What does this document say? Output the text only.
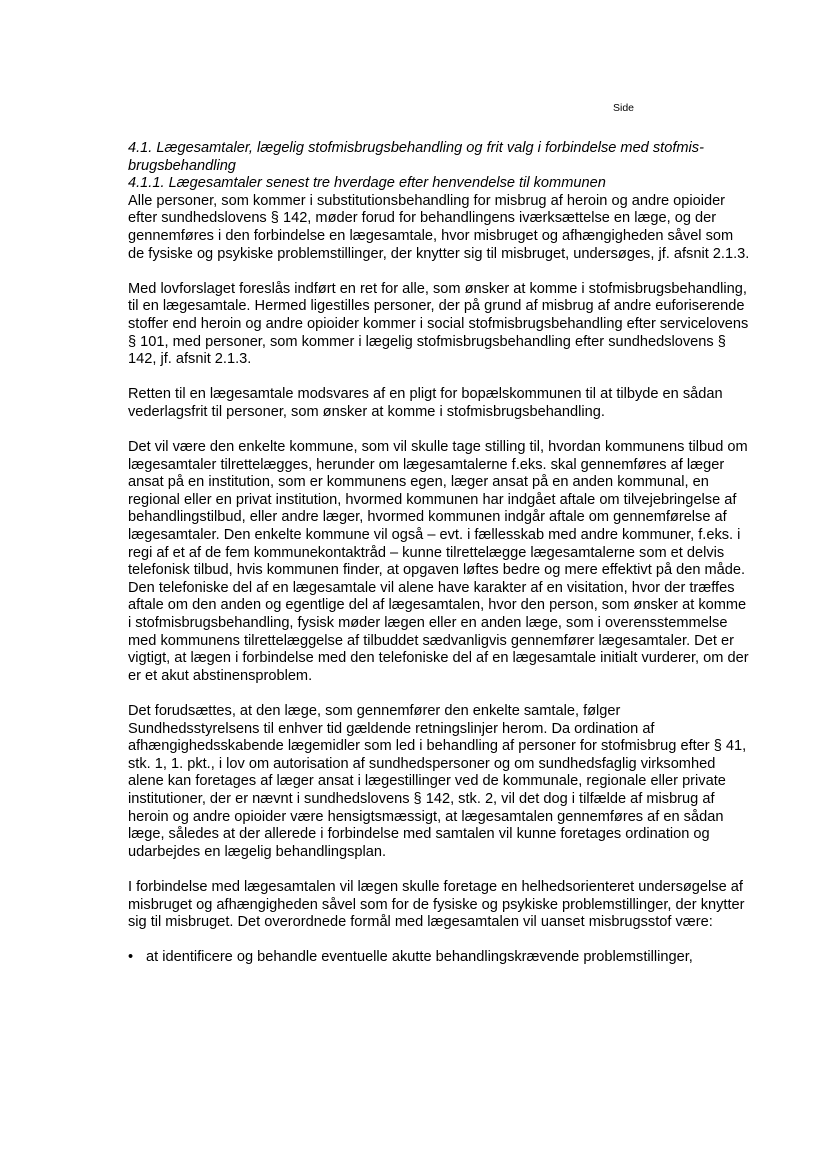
Side
4.1. Lægesamtaler, lægelig stofmisbrugsbehandling og frit valg i forbindelse med stofmis-
brugsbehandling
4.1.1. Lægesamtaler senest tre hverdage efter henvendelse til kommunen

Alle personer, som kommer i substitutionsbehandling for misbrug af heroin og andre opioider efter sundhedslovens § 142, møder forud for behandlingens iværksættelse en læge, og der gennemføres i den forbindelse en lægesamtale, hvor misbruget og afhængigheden såvel som de fysiske og psykiske problemstillinger, der knytter sig til misbruget, undersøges, jf. afsnit 2.1.3.

Med lovforslaget foreslås indført en ret for alle, som ønsker at komme i stofmisbrugsbehandling, til en lægesamtale. Hermed ligestilles personer, der på grund af misbrug af andre euforiserende stoffer end heroin og andre opioider kommer i social stofmisbrugsbehandling efter servicelovens § 101, med personer, som kommer i lægelig stofmisbrugsbehandling efter sundhedslovens § 142, jf. afsnit 2.1.3.

Retten til en lægesamtale modsvares af en pligt for bopælskommunen til at tilbyde en sådan vederlagsfrit til personer, som ønsker at komme i stofmisbrugsbehandling.

Det vil være den enkelte kommune, som vil skulle tage stilling til, hvordan kommunens tilbud om lægesamtaler tilrettelægges, herunder om lægesamtalerne f.eks. skal gennemføres af læger ansat på en institution, som er kommunens egen, læger ansat på en anden kommunal, en regional eller en privat institution, hvormed kommunen har indgået aftale om tilvejebringelse af behandlingstilbud, eller andre læger, hvormed kommunen indgår aftale om gennemførelse af lægesamtaler. Den enkelte kommune vil også – evt. i fællesskab med andre kommuner, f.eks. i regi af et af de fem kommunekontaktråd – kunne tilrettelægge lægesamtalerne som et delvis telefonisk tilbud, hvis kommunen finder, at opgaven løftes bedre og mere effektivt på den måde. Den telefoniske del af en lægesamtale vil alene have karakter af en visitation, hvor der træffes aftale om den anden og egentlige del af lægesamtalen, hvor den person, som ønsker at komme i stofmisbrugsbehandling, fysisk møder lægen eller en anden læge, som i overensstemmelse med kommunens tilrettelæggelse af tilbuddet sædvanligvis gennemfører lægesamtaler. Det er vigtigt, at lægen i forbindelse med den telefoniske del af en lægesamtale initialt vurderer, om der er et akut abstinensproblem.

Det forudsættes, at den læge, som gennemfører den enkelte samtale, følger Sundhedsstyrelsens til enhver tid gældende retningslinjer herom. Da ordination af afhængighedsskabende lægemidler som led i behandling af personer for stofmisbrug efter § 41, stk. 1, 1. pkt., i lov om autorisation af sundhedspersoner og om sundhedsfaglig virksomhed alene kan foretages af læger ansat i lægestillinger ved de kommunale, regionale eller private institutioner, der er nævnt i sundhedslovens § 142, stk. 2, vil det dog i tilfælde af misbrug af heroin og andre opioider være hensigtsmæssigt, at lægesamtalen gennemføres af en sådan læge, således at der allerede i forbindelse med samtalen vil kunne foretages ordination og udarbejdes en lægelig behandlingsplan.

I forbindelse med lægesamtalen vil lægen skulle foretage en helhedsorienteret undersøgelse af misbruget og afhængigheden såvel som for de fysiske og psykiske problemstillinger, der knytter sig til misbruget. Det overordnede formål med lægesamtalen vil uanset misbrugsstof være:

• at identificere og behandle eventuelle akutte behandlingskrævende problemstillinger,
